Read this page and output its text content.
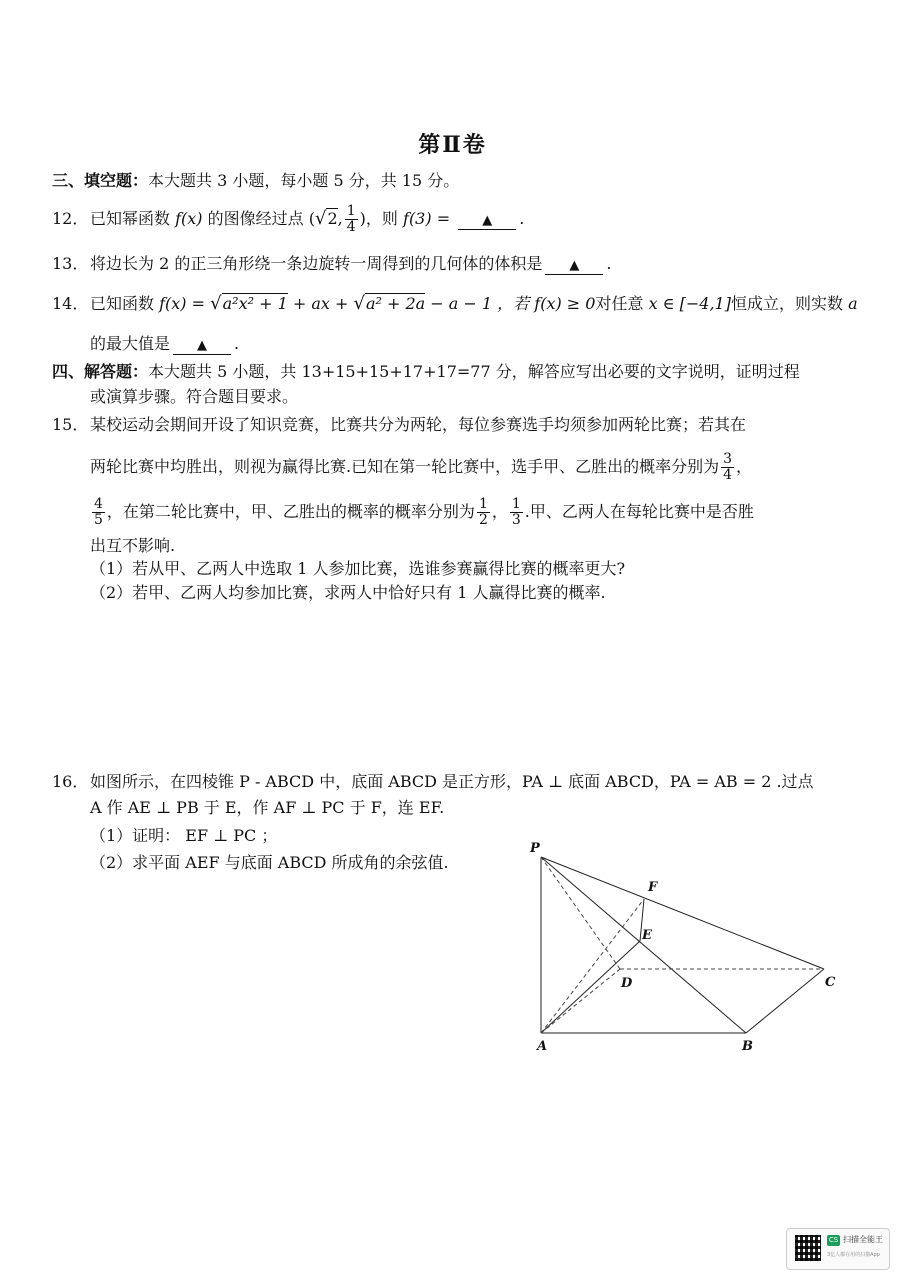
第Ⅱ卷
三、填空题：本大题共 3 小题，每小题 5 分，共 15 分。
12． 已知幂函数 f(x) 的图像经过点 (√2, $\frac{1}{4}$ )，则 f(3) = ▲ .
13． 将边长为 2 的正三角形绕一条边旋转一周得到的几何体的体积是 ▲ .
14． 已知函数 f(x) = √a²x² + 1 + ax + √a² + 2a − a − 1 ，若 f(x) ≥ 0对任意 x ∈ [−4,1]恒成立，则实数 a
的最大值是 ▲ .
四、解答题：本大题共 5 小题，共 13+15+15+17+17=77 分，解答应写出必要的文字说明，证明过程
或演算步骤。符合题目要求。
15． 某校运动会期间开设了知识竞赛，比赛共分为两轮，每位参赛选手均须参加两轮比赛；若其在
两轮比赛中均胜出，则视为赢得比赛.已知在第一轮比赛中，选手甲、乙胜出的概率分别为 $\frac{3}{4}$ ，
$\frac{4}{5}$ ，在第二轮比赛中，甲、乙胜出的概率的概率分别为 $\frac{1}{2}$ ， $\frac{1}{3}$ .甲、乙两人在每轮比赛中是否胜
出互不影响.
（1）若从甲、乙两人中选取 1 人参加比赛，选谁参赛赢得比赛的概率更大?
（2）若甲、乙两人均参加比赛，求两人中恰好只有 1 人赢得比赛的概率.
16． 如图所示，在四棱锥 P - ABCD 中，底面 ABCD 是正方形，PA ⊥ 底面 ABCD，PA = AB = 2 .过点
A 作 AE ⊥ PB 于 E，作 AF ⊥ PC 于 F，连 EF.
（1）证明： EF ⊥ PC ；
（2）求平面 AEF 与底面 ABCD 所成角的余弦值.
P
F
E
D	C
A	B
CS 扫描全能王
3亿人都在用的扫描App
